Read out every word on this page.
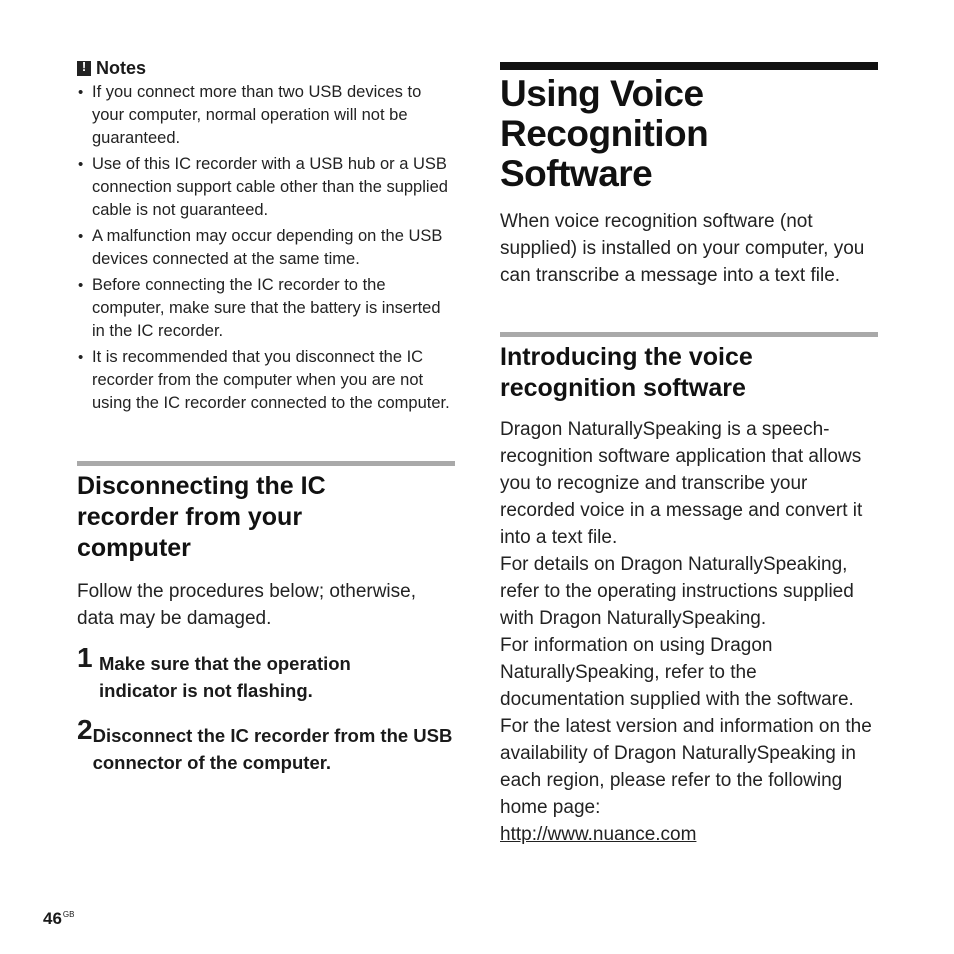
!
Notes
• If you connect more than two USB devices to your computer, normal operation will not be guaranteed.
• Use of this IC recorder with a USB hub or a USB connection support cable other than the supplied cable is not guaranteed.
• A malfunction may occur depending on the USB devices connected at the same time.
• Before connecting the IC recorder to the computer, make sure that the battery is inserted in the IC recorder.
• It is recommended that you disconnect the IC recorder from the computer when you are not using the IC recorder connected to the computer.
Disconnecting the IC recorder from your computer

Follow the procedures below; otherwise, data may be damaged.

1 Make sure that the operation indicator is not flashing.
2 Disconnect the IC recorder from the USB connector of the computer.
Using Voice Recognition Software

When voice recognition software (not supplied) is installed on your computer, you can transcribe a message into a text file.

Introducing the voice recognition software

Dragon NaturallySpeaking is a speech-recognition software application that allows you to recognize and transcribe your recorded voice in a message and convert it into a text file.

For details on Dragon NaturallySpeaking, refer to the operating instructions supplied with Dragon NaturallySpeaking.

For information on using Dragon NaturallySpeaking, refer to the documentation supplied with the software. For the latest version and information on the availability of Dragon NaturallySpeaking in each region, please refer to the following home page:

http://www.nuance.com

$46^{GB}$
